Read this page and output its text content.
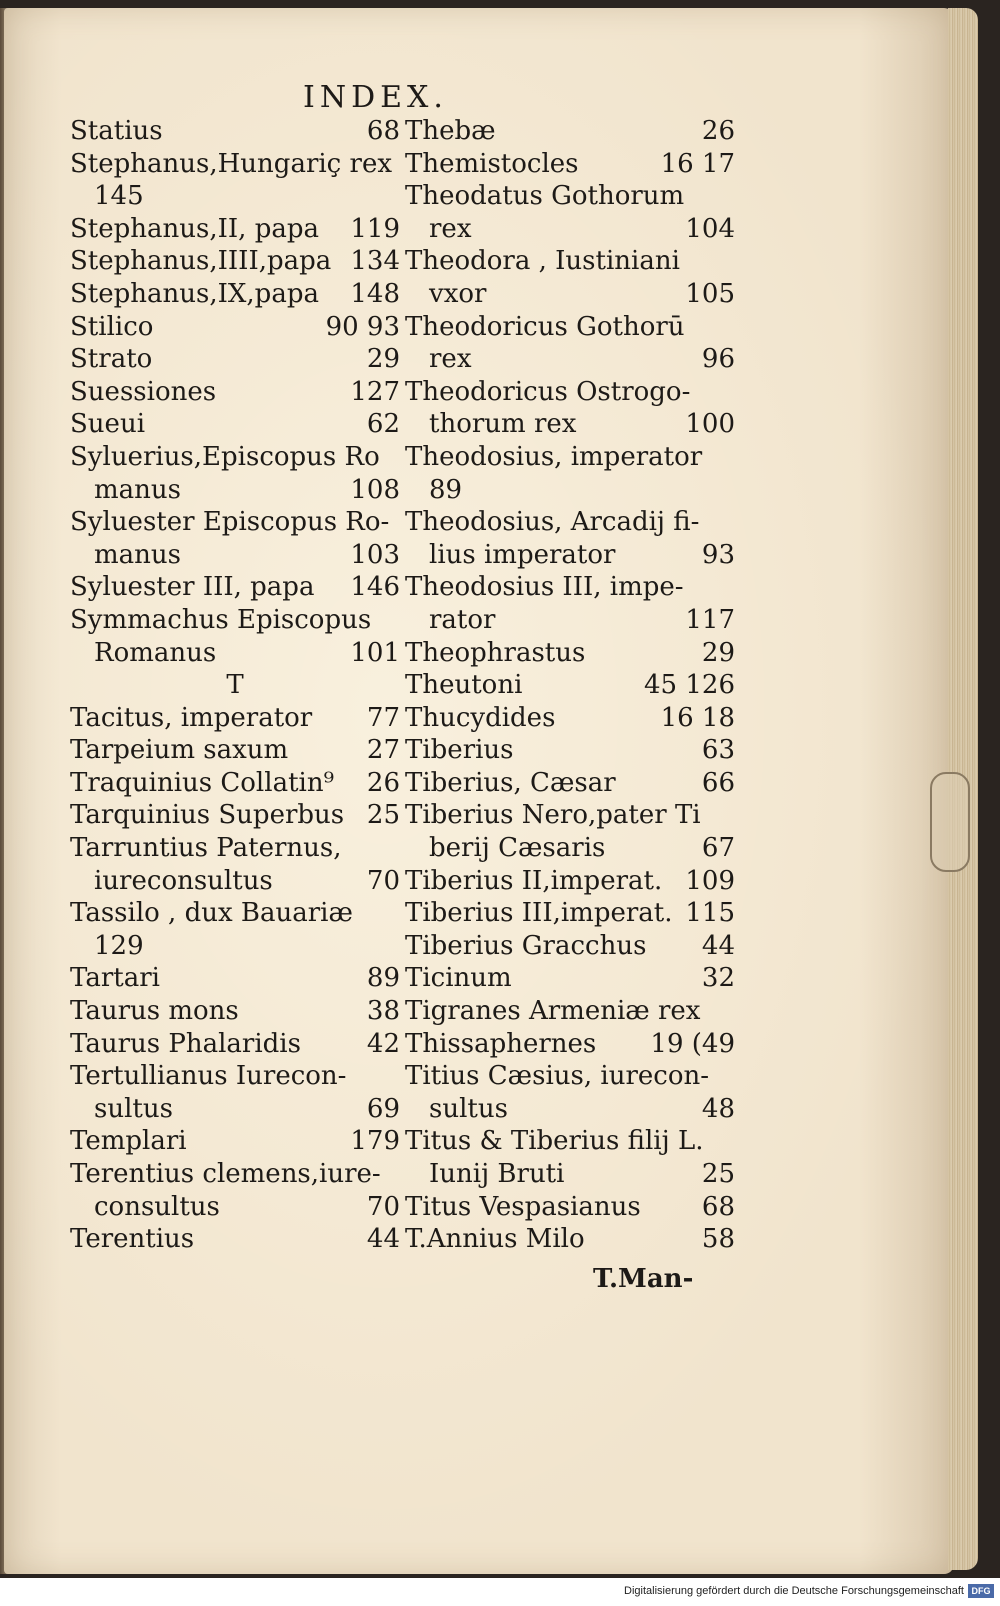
INDEX.
Statius	68
Stephanus,Hungariç rex
145
Stephanus,II, papa 119
Stephanus,IIII,papa 134
Stephanus,IX,papa 148
Stilico	90 93
Strato	29
Suessiones	127
Sueui	62
Syluerius,Episcopus Ro
manus	108
Syluester Episcopus Ro-
manus	103
Syluester III, papa 146
Symmachus Episcopus
Romanus	101
T
Tacitus, imperator 77
Tarpeium saxum	27
Traquinius Collatin⁹ 26
Tarquinius Superbus 25
Tarruntius Paternus,
iureconsultus	70
Tassilo , dux Bauariæ
129
Tartari	89
Taurus mons	38
Taurus Phalaridis	42
Tertullianus Iurecon-
sultus	69
Templari	179
Terentius clemens,iure-
consultus	70
Terentius	44
Thebæ	26
Themistocles	16 17
Theodatus Gothorum
rex	104
Theodora , Iustiniani
vxor	105
Theodoricus Gothorū
rex	96
Theodoricus Ostrogo-
thorum rex	100
Theodosius, imperator
89
Theodosius, Arcadij fi-
lius imperator	93
Theodosius III, impe-
rator	117
Theophrastus	29
Theutoni	45 126
Thucydides	16 18
Tiberius	63
Tiberius, Cæsar	66
Tiberius Nero,pater Ti
berij Cæsaris	67
Tiberius II,imperat. 109
Tiberius III,imperat. 115
Tiberius Gracchus 44
Ticinum	32
Tigranes Armeniæ rex
Thissaphernes 19 (49
Titius Cæsius, iurecon-
sultus	48
Titus & Tiberius filij L.
Iunij Bruti	25
Titus Vespasianus 68
T.Annius Milo	58
T.Man-
Digitalisierung gefördert durch die Deutsche Forschungsgemeinschaft DFG
